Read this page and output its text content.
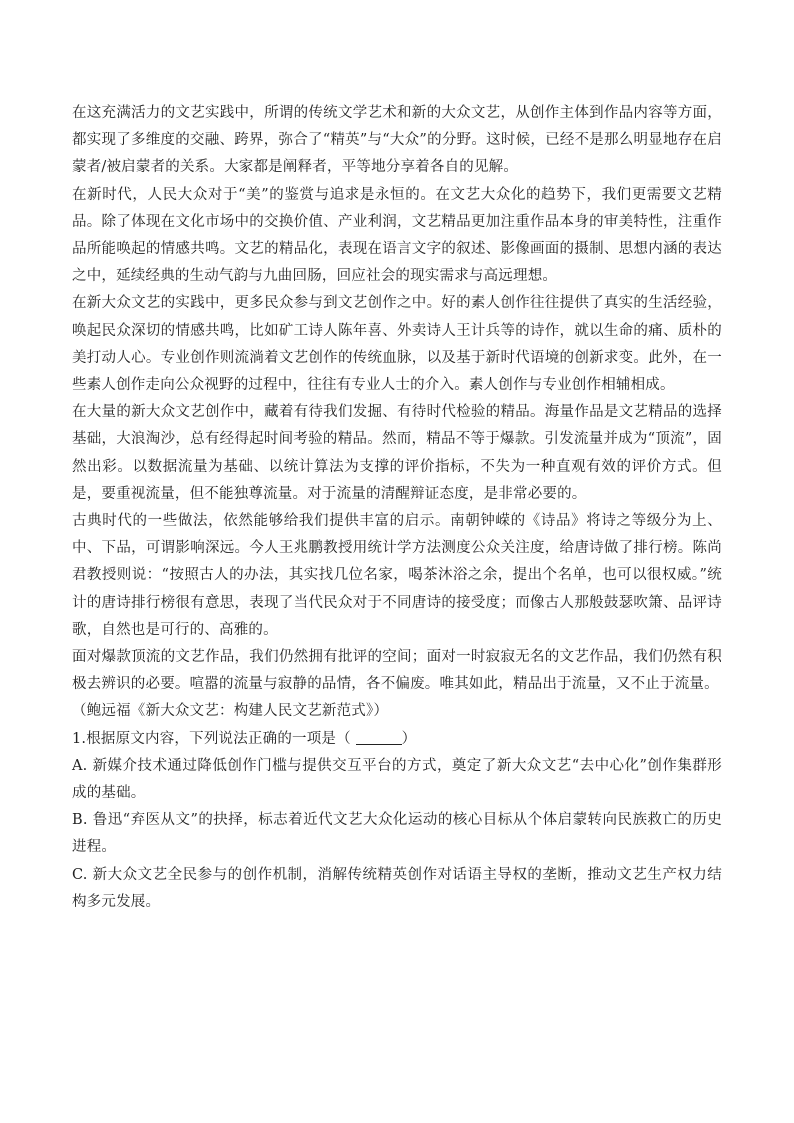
在这充满活力的文艺实践中，所谓的传统文学艺术和新的大众文艺，从创作主体到作品内容等方面，都实现了多维度的交融、跨界，弥合了“精英”与“大众”的分野。这时候，已经不是那么明显地存在启蒙者/被启蒙者的关系。大家都是阐释者，平等地分享着各自的见解。

在新时代，人民大众对于“美”的鉴赏与追求是永恒的。在文艺大众化的趋势下，我们更需要文艺精品。除了体现在文化市场中的交换价值、产业利润，文艺精品更加注重作品本身的审美特性，注重作品所能唤起的情感共鸣。文艺的精品化，表现在语言文字的叙述、影像画面的摄制、思想内涵的表达之中，延续经典的生动气韵与九曲回肠，回应社会的现实需求与高远理想。

在新大众文艺的实践中，更多民众参与到文艺创作之中。好的素人创作往往提供了真实的生活经验，唤起民众深切的情感共鸣，比如矿工诗人陈年喜、外卖诗人王计兵等的诗作，就以生命的痛、质朴的美打动人心。专业创作则流淌着文艺创作的传统血脉，以及基于新时代语境的创新求变。此外，在一些素人创作走向公众视野的过程中，往往有专业人士的介入。素人创作与专业创作相辅相成。

在大量的新大众文艺创作中，藏着有待我们发掘、有待时代检验的精品。海量作品是文艺精品的选择基础，大浪淘沙，总有经得起时间考验的精品。然而，精品不等于爆款。引发流量并成为“顶流”，固然出彩。以数据流量为基础、以统计算法为支撑的评价指标，不失为一种直观有效的评价方式。但是，要重视流量，但不能独尊流量。对于流量的清醒辩证态度，是非常必要的。

古典时代的一些做法，依然能够给我们提供丰富的启示。南朝钟嵘的《诗品》将诗之等级分为上、中、下品，可谓影响深远。今人王兆鹏教授用统计学方法测度公众关注度，给唐诗做了排行榜。陈尚君教授则说：“按照古人的办法，其实找几位名家，喝茶沐浴之余，提出个名单，也可以很权威。”统计的唐诗排行榜很有意思，表现了当代民众对于不同唐诗的接受度；而像古人那般鼓瑟吹箫、品评诗歌，自然也是可行的、高雅的。

面对爆款顶流的文艺作品，我们仍然拥有批评的空间；面对一时寂寂无名的文艺作品，我们仍然有积极去辨识的必要。喧嚣的流量与寂静的品情，各不偏废。唯其如此，精品出于流量，又不止于流量。

（鲍远福《新大众文艺：构建人民文艺新范式》）

1.根据原文内容，下列说法正确的一项是（	）

A. 新媒介技术通过降低创作门槛与提供交互平台的方式，奠定了新大众文艺“去中心化”创作集群形成的基础。

B. 鲁迅“弃医从文”的抉择，标志着近代文艺大众化运动的核心目标从个体启蒙转向民族救亡的历史进程。

C. 新大众文艺全民参与的创作机制，消解传统精英创作对话语主导权的垄断，推动文艺生产权力结构多元发展。
